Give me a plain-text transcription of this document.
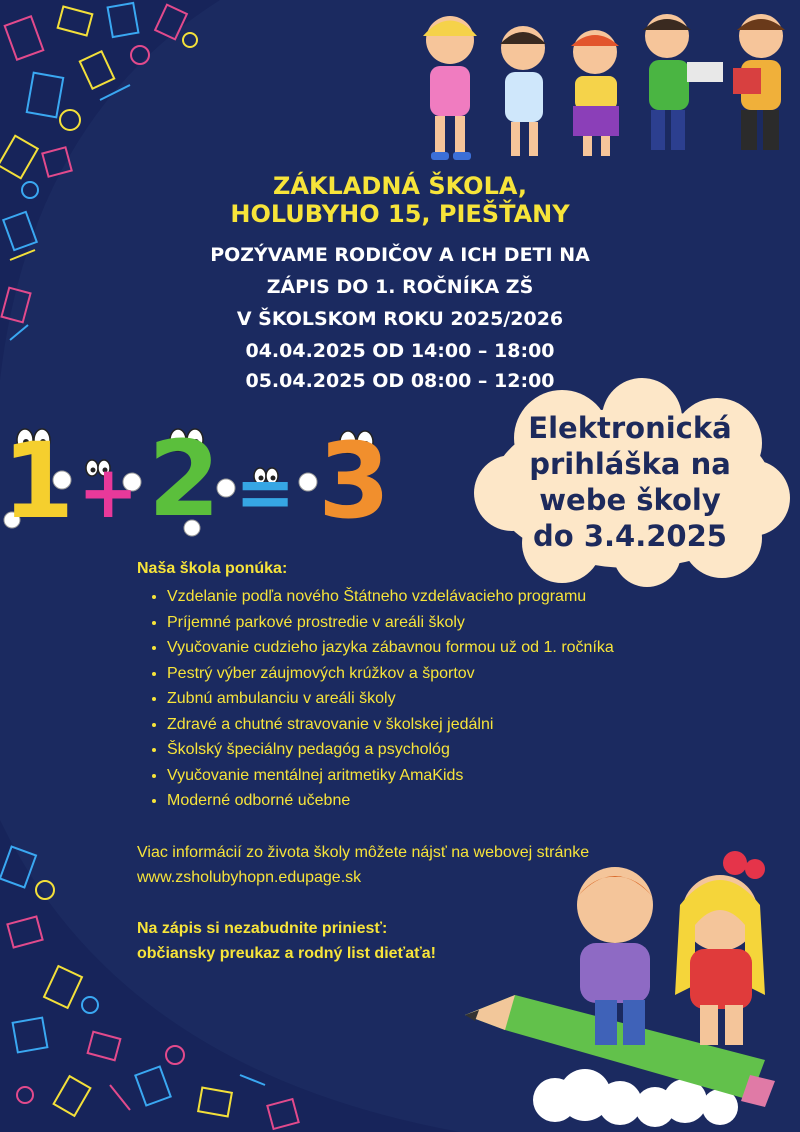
ZÁKLADNÁ ŠKOLA,
HOLUBYHO 15, PIEŠŤANY
POZÝVAME RODIČOV A ICH DETI NA
ZÁPIS DO 1. ROČNÍKA ZŠ
V ŠKOLSKOM ROKU 2025/2026
04.04.2025 OD 14:00 – 18:00
05.04.2025 OD 08:00 – 12:00
1 + 2 = 3	Elektronická
prihláška na
webe školy
do 3.4.2025
Naša škola ponúka:
• Vzdelanie podľa nového Štátneho vzdelávacieho programu
• Príjemné parkové prostredie v areáli školy
• Vyučovanie cudzieho jazyka zábavnou formou už od 1. ročníka
• Pestrý výber záujmových krúžkov a športov
• Zubnú ambulanciu v areáli školy
• Zdravé a chutné stravovanie v školskej jedálni
• Školský špeciálny pedagóg a psychológ
• Vyučovanie mentálnej aritmetiky AmaKids
• Moderné odborné učebne
Viac informácií zo života školy môžete nájsť na webovej stránke
www.zsholubyhopn.edupage.sk
Na zápis si nezabudnite priniesť:
občiansky preukaz a rodný list dieťaťa!
